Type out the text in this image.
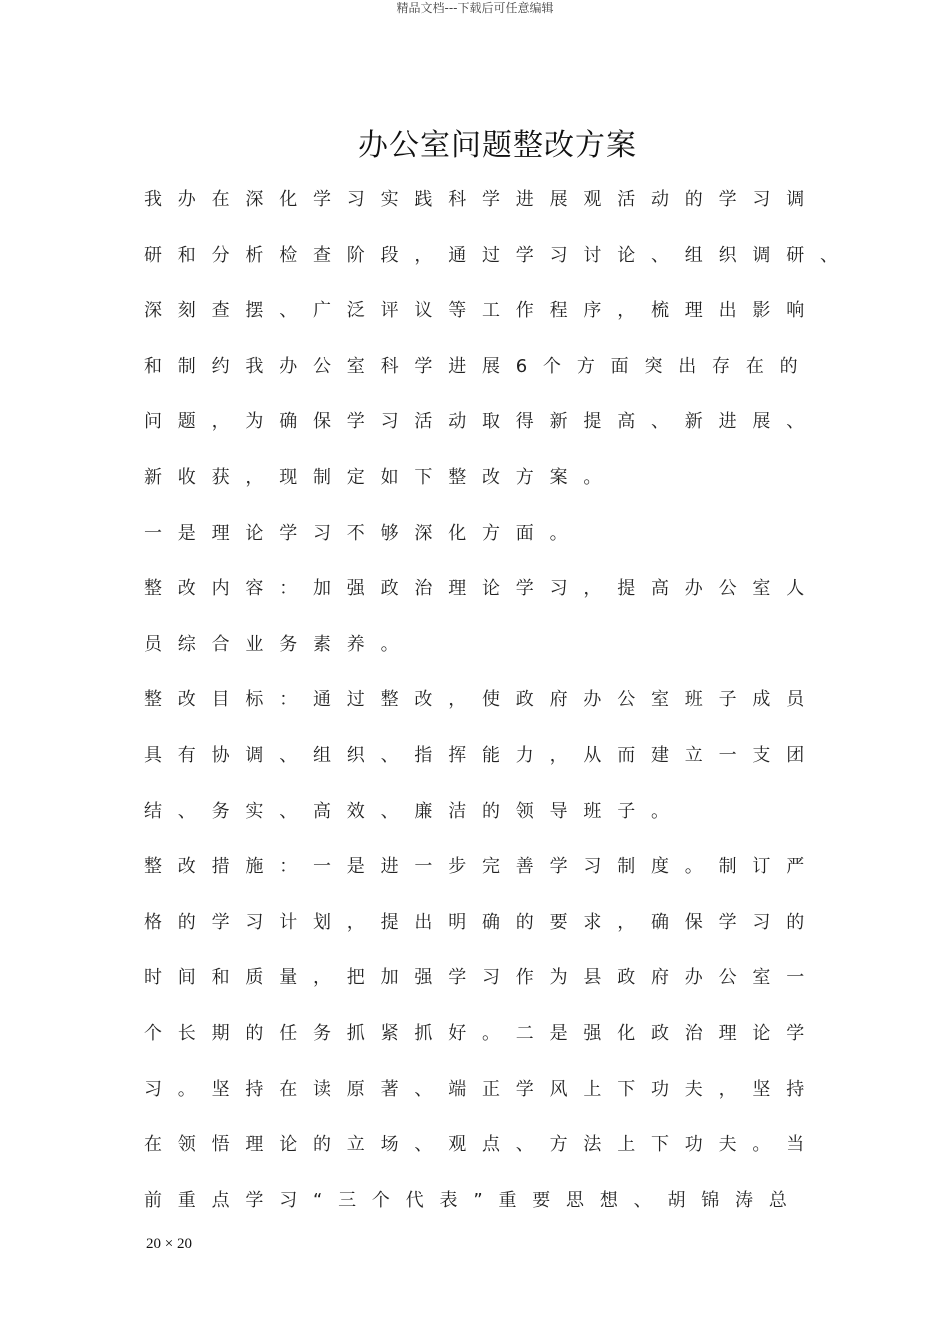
精品文档---下载后可任意编辑
办公室问题整改方案
我办在深化学习实践科学进展观活动的学习调
研和分析检查阶段，通过学习讨论、组织调研、
深刻查摆、广泛评议等工作程序，梳理出影响
和制约我办公室科学进展6个方面突出存在的
问题，为确保学习活动取得新提高、新进展、
新收获，现制定如下整改方案。
一是理论学习不够深化方面。
整改内容：加强政治理论学习，提高办公室人
员综合业务素养。
整改目标：通过整改，使政府办公室班子成员
具有协调、组织、指挥能力，从而建立一支团
结、务实、高效、廉洁的领导班子。
整改措施：一是进一步完善学习制度。制订严
格的学习计划，提出明确的要求，确保学习的
时间和质量，把加强学习作为县政府办公室一
个长期的任务抓紧抓好。二是强化政治理论学
习。坚持在读原著、端正学风上下功夫，坚持
在领悟理论的立场、观点、方法上下功夫。当
前重点学习“三个代表”重要思想、胡锦涛总
20 × 20
